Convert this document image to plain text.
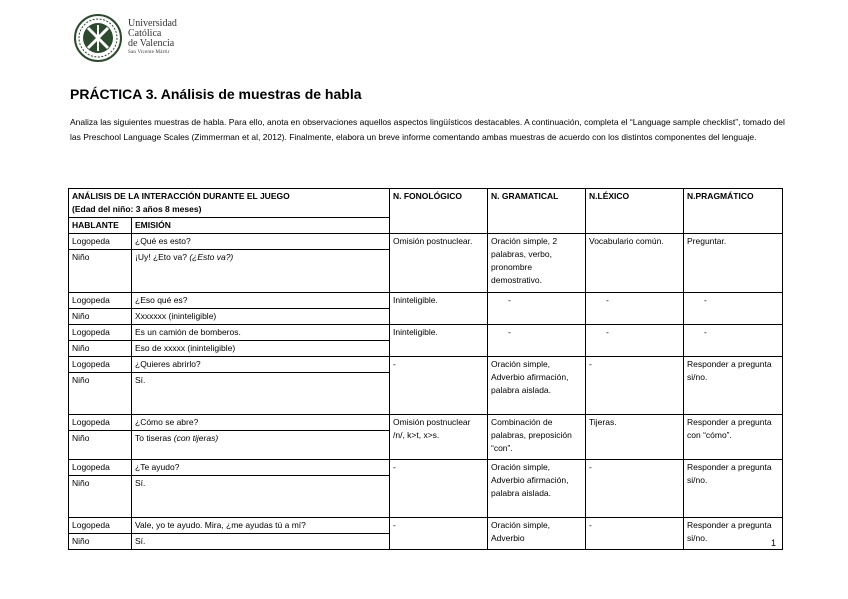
Universidad
Católica
de Valencia
San Vicente Mártir
PRÁCTICA 3. Análisis de muestras de habla

Analiza las siguientes muestras de habla. Para ello, anota en observaciones aquellos aspectos lingüísticos destacables. A continuación, completa el “Language sample checklist”, tomado del las Preschool Language Scales (Zimmerman et al, 2012). Finalmente, elabora un breve informe comentando ambas muestras de acuerdo con los distintos componentes del lenguaje.

ANÁLISIS DE LA INTERACCIÓN DURANTE EL JUEGO
(Edad del niño: 3 años 8 meses)		N. FONOLÓGICO	N. GRAMATICAL	N.LÉXICO	N.PRAGMÁTICO
HABLANTE	EMISIÓN				
Logopeda	¿Qué es esto?	Omisión postnuclear.	Oración simple, 2 palabras, verbo, pronombre demostrativo.	Vocabulario común.	Preguntar.
Niño	¡Uy! ¿Eto va? (¿Esto va?)				
Logopeda	¿Eso qué es?	Ininteligible.	-	-	-
Niño	Xxxxxxx (ininteligible)				
Logopeda	Es un camión de bomberos.	Ininteligible.	-	-	-
Niño	Eso de xxxxx (ininteligible)				
Logopeda	¿Quieres abrirlo?	-	Oración simple, Adverbio afirmación, palabra aislada.	-	Responder a pregunta si/no.
Niño	Sí.				
Logopeda	¿Cómo se abre?	Omisión postnuclear /n/, k>t, x>s.	Combinación de palabras, preposición “con”.	Tijeras.	Responder a pregunta con “cómo”.
Niño	To tiseras (con tijeras)				
Logopeda	¿Te ayudo?	-	Oración simple, Adverbio afirmación, palabra aislada.	-	Responder a pregunta si/no.
Niño	Sí.				
Logopeda	Vale, yo te ayudo. Mira, ¿me ayudas tú a mí?	-	Oración simple, Adverbio	-	Responder a pregunta si/no.
Niño	Sí.					1
